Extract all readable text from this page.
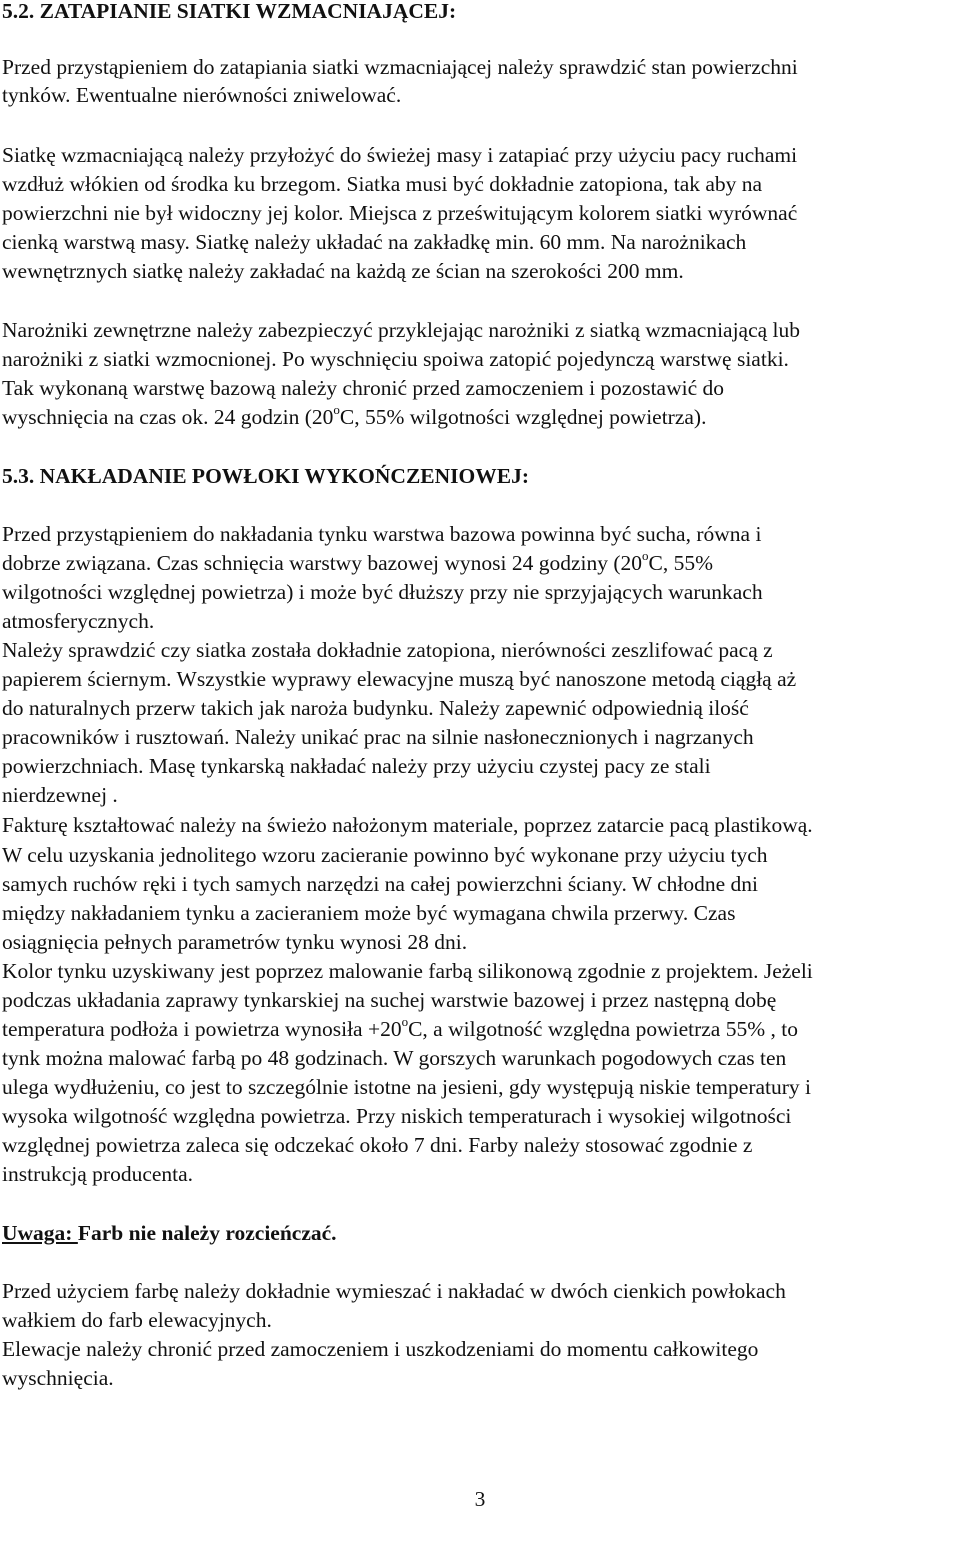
5.2. ZATAPIANIE SIATKI WZMACNIAJĄCEJ:
Przed przystąpieniem do zatapiania siatki wzmacniającej należy sprawdzić stan powierzchni
tynków. Ewentualne nierówności zniwelować.
Siatkę wzmacniającą należy przyłożyć do świeżej masy i zatapiać przy użyciu pacy ruchami
wzdłuż włókien od środka ku brzegom. Siatka musi być dokładnie zatopiona, tak aby na
powierzchni nie był widoczny jej kolor. Miejsca z prześwitującym kolorem siatki wyrównać
cienką warstwą masy. Siatkę należy układać na zakładkę min. 60 mm. Na narożnikach
wewnętrznych siatkę należy zakładać na każdą ze ścian na szerokości 200 mm.
Narożniki zewnętrzne należy zabezpieczyć przyklejając narożniki z siatką wzmacniającą lub
narożniki z siatki wzmocnionej. Po wyschnięciu spoiwa zatopić pojedynczą warstwę siatki.
Tak wykonaną warstwę bazową należy chronić przed zamoczeniem i pozostawić do
wyschnięcia na czas ok. 24 godzin (20$^o$C, 55% wilgotności względnej powietrza).
5.3. NAKŁADANIE POWŁOKI WYKOŃCZENIOWEJ:
Przed przystąpieniem do nakładania tynku warstwa bazowa powinna być sucha, równa i
dobrze związana. Czas schnięcia warstwy bazowej wynosi 24 godziny (20$^o$C, 55%
wilgotności względnej powietrza) i może być dłuższy przy nie sprzyjających warunkach
atmosferycznych.
Należy sprawdzić czy siatka została dokładnie zatopiona, nierówności zeszlifować pacą z
papierem ściernym. Wszystkie wyprawy elewacyjne muszą być nanoszone metodą ciągłą aż
do naturalnych przerw takich jak naroża budynku. Należy zapewnić odpowiednią ilość
pracowników i rusztowań. Należy unikać prac na silnie nasłonecznionych i nagrzanych
powierzchniach. Masę tynkarską nakładać należy przy użyciu czystej pacy ze stali
nierdzewnej .
Fakturę kształtować należy na świeżo nałożonym materiale, poprzez zatarcie pacą plastikową.
W celu uzyskania jednolitego wzoru zacieranie powinno być wykonane przy użyciu tych
samych ruchów ręki i tych samych narzędzi na całej powierzchni ściany. W chłodne dni
między nakładaniem tynku a zacieraniem może być wymagana chwila przerwy. Czas
osiągnięcia pełnych parametrów tynku wynosi 28 dni.
Kolor tynku uzyskiwany jest poprzez malowanie farbą silikonową zgodnie z projektem. Jeżeli
podczas układania zaprawy tynkarskiej na suchej warstwie bazowej i przez następną dobę
temperatura podłoża i powietrza wynosiła $+20^oC$, a wilgotność względna powietrza 55% , to
tynk można malować farbą po 48 godzinach. W gorszych warunkach pogodowych czas ten
ulega wydłużeniu, co jest to szczególnie istotne na jesieni, gdy występują niskie temperatury i
wysoka wilgotność względna powietrza. Przy niskich temperaturach i wysokiej wilgotności
względnej powietrza zaleca się odczekać około 7 dni. Farby należy stosować zgodnie z
instrukcją producenta.
Uwaga: Farb nie należy rozcieńczać.
Przed użyciem farbę należy dokładnie wymieszać i nakładać w dwóch cienkich powłokach
wałkiem do farb elewacyjnych.
Elewacje należy chronić przed zamoczeniem i uszkodzeniami do momentu całkowitego
wyschnięcia.
3
